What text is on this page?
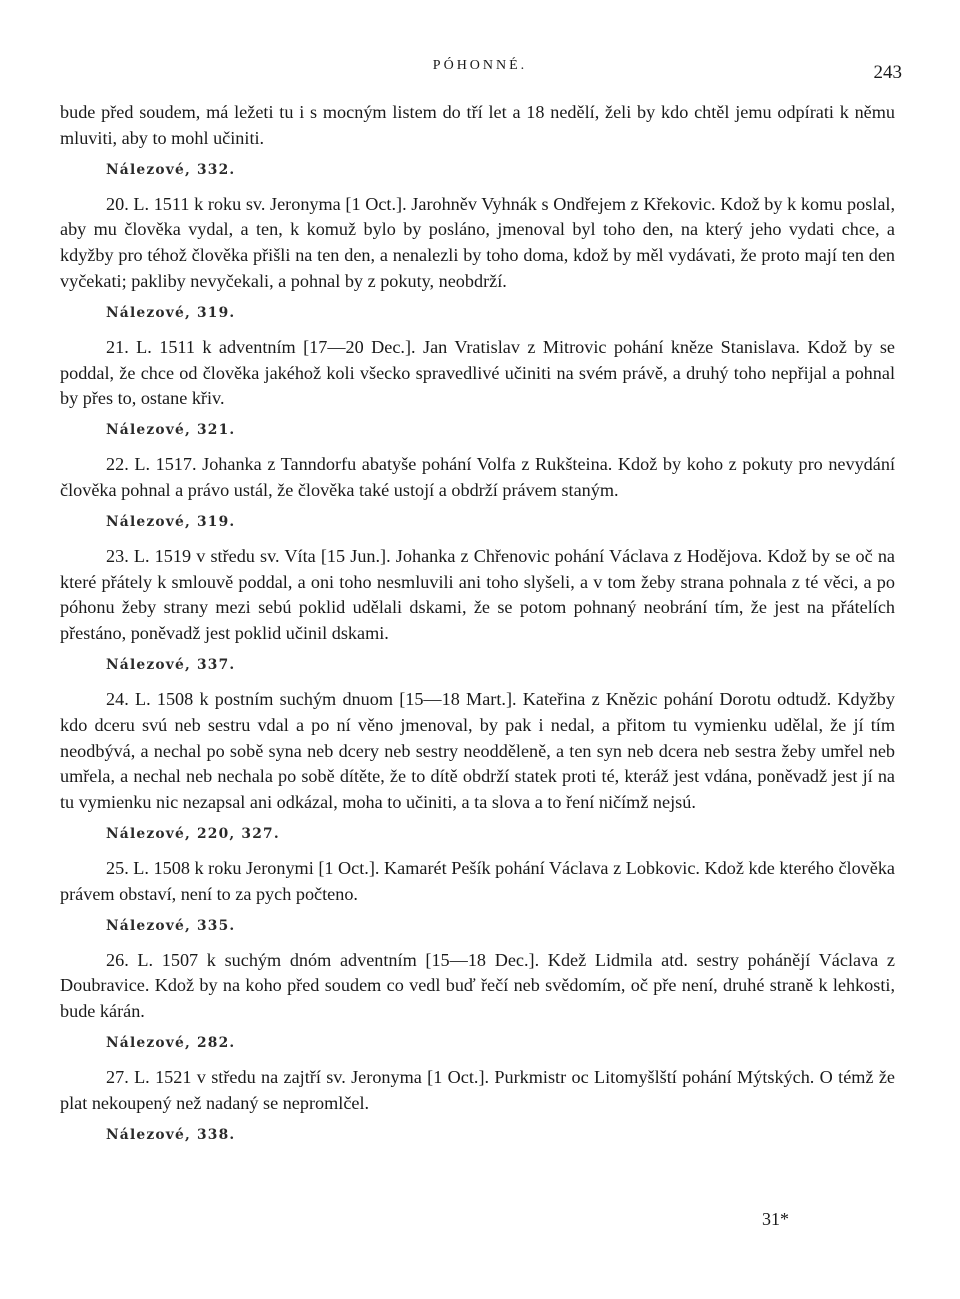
PÓHONNÉ.	243

bude před soudem, má ležeti tu i s mocným listem do tří let a 18 nedělí, želi by kdo chtěl jemu odpírati k němu mluviti, aby to mohl učiniti.

Nálezové, 332.

20. L. 1511 k roku sv. Jeronyma [1 Oct.]. Jarohněv Vyhnák s Ondřejem z Křekovic. Kdož by k komu poslal, aby mu člověka vydal, a ten, k komuž bylo by posláno, jmenoval byl toho den, na který jeho vydati chce, a kdyžby pro téhož člověka přišli na ten den, a nenalezli by toho doma, kdož by měl vydávati, že proto mají ten den vyčekati; pakliby nevyčekali, a pohnal by z pokuty, neobdrží.

Nálezové, 319.

21. L. 1511 k adventním [17—20 Dec.]. Jan Vratislav z Mitrovic pohání kněze Stanislava. Kdož by se poddal, že chce od člověka jakéhož koli všecko spravedlivé učiniti na svém právě, a druhý toho nepřijal a pohnal by přes to, ostane křiv.

Nálezové, 321.

22. L. 1517. Johanka z Tanndorfu abatyše pohání Volfa z Rukšteina. Kdož by koho z pokuty pro nevydání člověka pohnal a právo ustál, že člověka také ustojí a obdrží právem staným.

Nálezové, 319.

23. L. 1519 v středu sv. Víta [15 Jun.]. Johanka z Chřenovic pohání Václava z Hodějova. Kdož by se oč na které přátely k smlouvě poddal, a oni toho nesmluvili ani toho slyšeli, a v tom žeby strana pohnala z té věci, a po póhonu žeby strany mezi sebú poklid udělali dskami, že se potom pohnaný neobrání tím, že jest na přátelích přestáno, poněvadž jest poklid učinil dskami.

Nálezové, 337.

24. L. 1508 k postním suchým dnuom [15—18 Mart.]. Kateřina z Knězic pohání Dorotu odtudž. Kdyžby kdo dceru svú neb sestru vdal a po ní věno jmenoval, by pak i nedal, a přitom tu vymienku udělal, že jí tím neodbývá, a nechal po sobě syna neb dcery neb sestry neodděleně, a ten syn neb dcera neb sestra žeby umřel neb umřela, a nechal neb nechala po sobě dítěte, že to dítě obdrží statek proti té, kteráž jest vdána, poněvadž jest jí na tu vymienku nic nezapsal ani odkázal, moha to učiniti, a ta slova a to ření ničímž nejsú.

Nálezové, 220, 327.

25. L. 1508 k roku Jeronymi [1 Oct.]. Kamarét Pešík pohání Václava z Lobkovic. Kdož kde kterého člověka právem obstaví, není to za pych počteno.

Nálezové, 335.

26. L. 1507 k suchým dnóm adventním [15—18 Dec.]. Kdež Lidmila atd. sestry pohánějí Václava z Doubravice. Kdož by na koho před soudem co vedl buď řečí neb svědomím, oč pře není, druhé straně k lehkosti, bude kárán.

Nálezové, 282.

27. L. 1521 v středu na zajtří sv. Jeronyma [1 Oct.]. Purkmistr oc Litomyšlští pohání Mýtských. O témž že plat nekoupený než nadaný se nepromlčel.

Nálezové, 338.
31*
